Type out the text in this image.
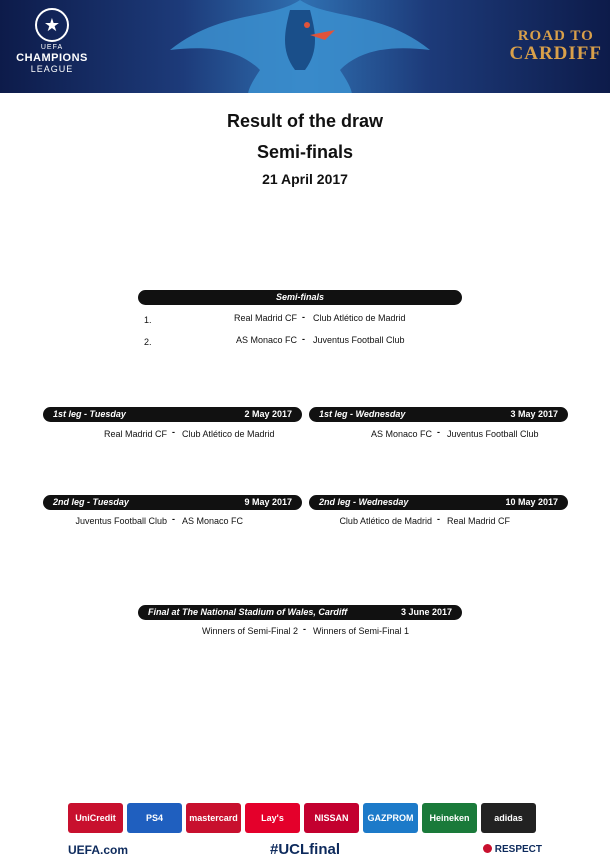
★
UEFA
CHAMPIONS
LEAGUE
ROAD TO
CARDIFF
Result of the draw
Semi-finals
21 April 2017
Semi-finals
1.	Real Madrid CF - Club Atlético de Madrid
2.	AS Monaco FC - Juventus Football Club
1st leg - Tuesday	2 May 2017	1st leg - Wednesday	3 May 2017
Real Madrid CF - Club Atlético de Madrid	AS Monaco FC - Juventus Football Club
2nd leg - Tuesday	9 May 2017	2nd leg - Wednesday	10 May 2017
Juventus Football Club - AS Monaco FC	Club Atlético de Madrid - Real Madrid CF
Final at The National Stadium of Wales, Cardiff	3 June 2017
Winners of Semi-Final 2 - Winners of Semi-Final 1
UniCredit	PS4	mastercard	Lay's	NISSAN	GAZPROM	Heineken	adidas
UEFA.com	#UCLfinal	RESPECT
